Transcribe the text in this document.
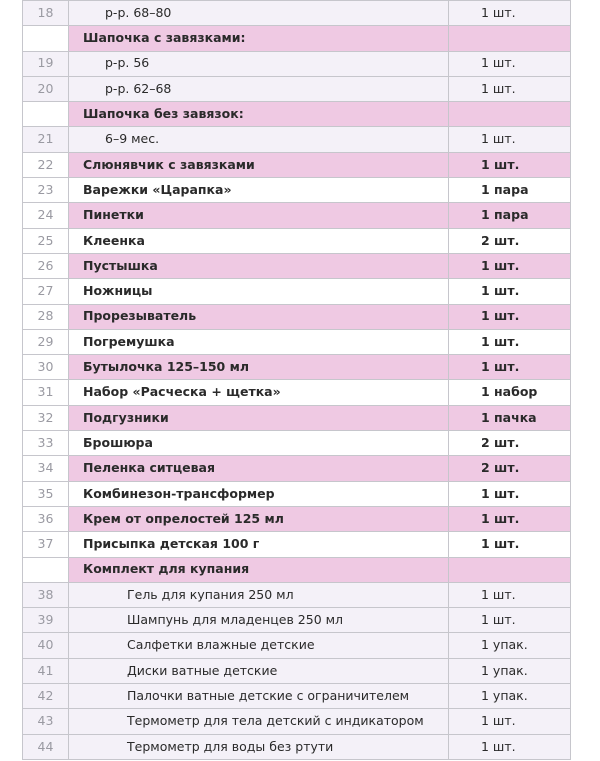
18	р-р. 68–80	1 шт.
	Шапочка с завязками:	
19	р-р. 56	1 шт.
20	р-р. 62–68	1 шт.
	Шапочка без завязок:	
21	6–9 мес.	1 шт.
22	Слюнявчик с завязками	1 шт.
23	Варежки «Царапка»	1 пара
24	Пинетки	1 пара
25	Клеенка	2 шт.
26	Пустышка	1 шт.
27	Ножницы	1 шт.
28	Прорезыватель	1 шт.
29	Погремушка	1 шт.
30	Бутылочка 125–150 мл	1 шт.
31	Набор «Расческа + щетка»	1 набор
32	Подгузники	1 пачка
33	Брошюра	2 шт.
34	Пеленка ситцевая	2 шт.
35	Комбинезон-трансформер	1 шт.
36	Крем от опрелостей 125 мл	1 шт.
37	Присыпка детская 100 г	1 шт.
	Комплект для купания	
38	Гель для купания 250 мл	1 шт.
39	Шампунь для младенцев 250 мл	1 шт.
40	Салфетки влажные детские	1 упак.
41	Диски ватные детские	1 упак.
42	Палочки ватные детские с ограничителем	1 упак.
43	Термометр для тела детский с индикатором	1 шт.
44	Термометр для воды без ртути	1 шт.
